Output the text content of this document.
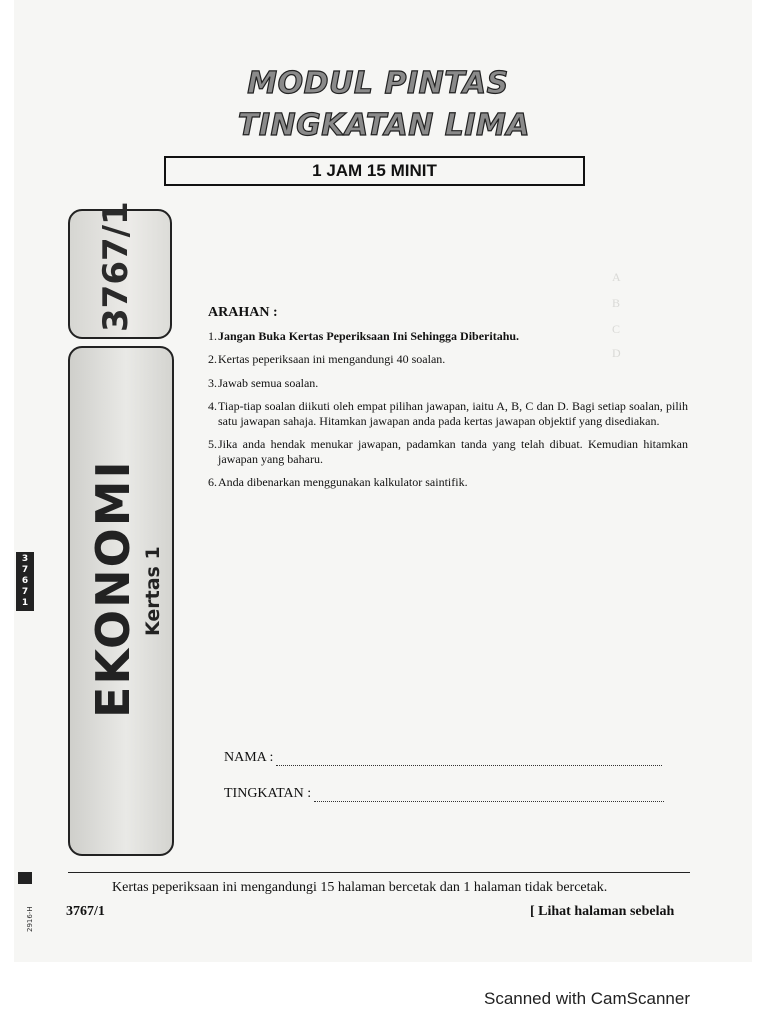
A
B
C
D
MODUL PINTAS
TINGKATAN LIMA
1 JAM 15 MINIT
3767/1
EKONOMI Kertas 1
3
7
6
7
1
2916-H
ARAHAN :
1. Jangan Buka Kertas Peperiksaan Ini Sehingga Diberitahu.
2. Kertas peperiksaan ini mengandungi 40 soalan.
3. Jawab semua soalan.
4. Tiap-tiap soalan diikuti oleh empat pilihan jawapan, iaitu A, B, C dan D. Bagi setiap soalan, pilih satu jawapan sahaja. Hitamkan jawapan anda pada kertas jawapan objektif yang disediakan.
5. Jika anda hendak menukar jawapan, padamkan tanda yang telah dibuat. Kemudian hitamkan jawapan yang baharu.
6. Anda dibenarkan menggunakan kalkulator saintifik.
NAMA :
TINGKATAN :
Kertas peperiksaan ini mengandungi 15 halaman bercetak dan 1 halaman tidak bercetak.
3767/1	[ Lihat halaman sebelah
Scanned with CamScanner
